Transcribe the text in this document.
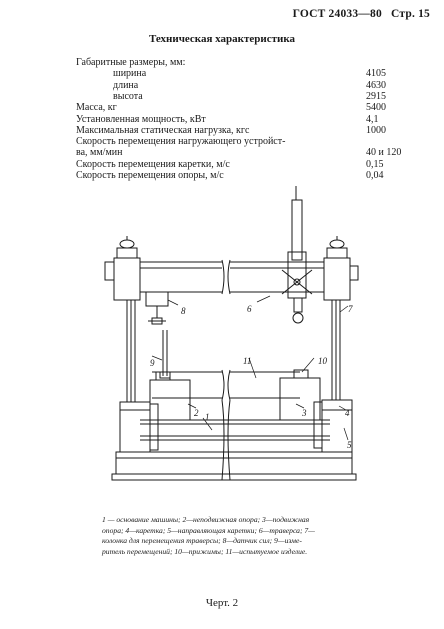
ГОСТ 24033—80 Стр. 15
Техническая характеристика
Габаритные размеры, мм:
ширина	4105
длина	4630
высота	2915
Масса, кг	5400
Установленная мощность, кВт	4,1
Максимальная статическая нагрузка, кгс	1000
Скорость перемещения нагружающего устройст-
ва, мм/мин	40 и 120
Скорость перемещения каретки, м/с	0,15
Скорость перемещения опоры, м/с	0,04
1
2	3	4
5
6	7
8
9	10
11
1 — основание машины; 2—неподвижная опора; 3—подвижная
опора; 4—каретка; 5—направляющая каретки; 6—траверса; 7—
колонка для перемещения траверсы; 8—датчик сил; 9—изме-
ритель перемещений; 10—прижимы; 11—испытуемое изделие.
Черт. 2
